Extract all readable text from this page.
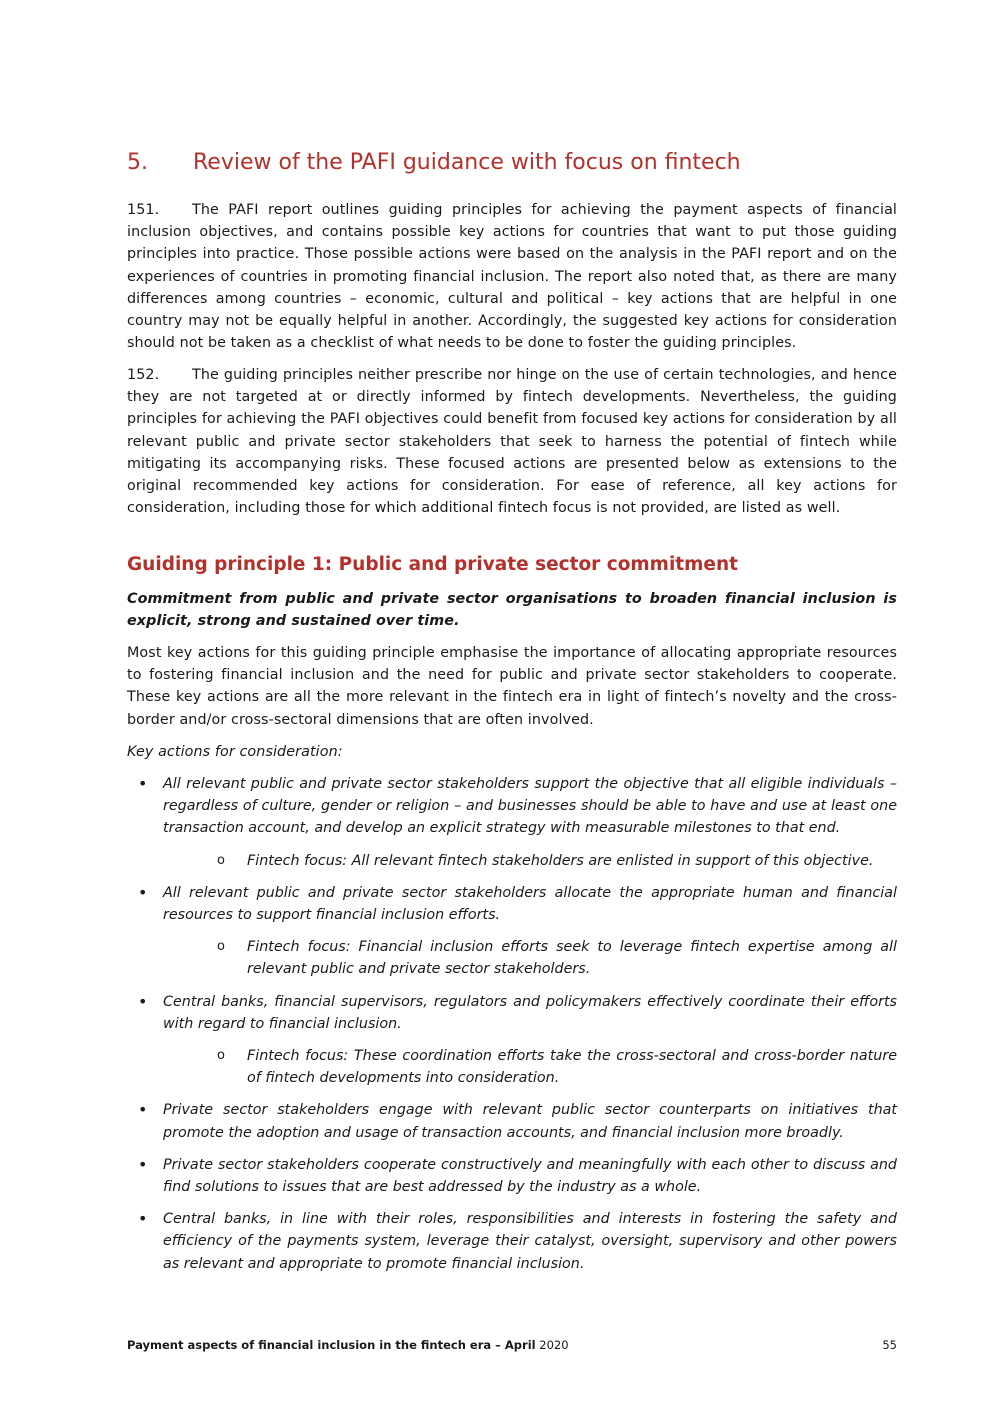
5. Review of the PAFI guidance with focus on fintech
151. The PAFI report outlines guiding principles for achieving the payment aspects of financial inclusion objectives, and contains possible key actions for countries that want to put those guiding principles into practice. Those possible actions were based on the analysis in the PAFI report and on the experiences of countries in promoting financial inclusion. The report also noted that, as there are many differences among countries – economic, cultural and political – key actions that are helpful in one country may not be equally helpful in another. Accordingly, the suggested key actions for consideration should not be taken as a checklist of what needs to be done to foster the guiding principles.
152. The guiding principles neither prescribe nor hinge on the use of certain technologies, and hence they are not targeted at or directly informed by fintech developments. Nevertheless, the guiding principles for achieving the PAFI objectives could benefit from focused key actions for consideration by all relevant public and private sector stakeholders that seek to harness the potential of fintech while mitigating its accompanying risks. These focused actions are presented below as extensions to the original recommended key actions for consideration. For ease of reference, all key actions for consideration, including those for which additional fintech focus is not provided, are listed as well.
Guiding principle 1: Public and private sector commitment
Commitment from public and private sector organisations to broaden financial inclusion is explicit, strong and sustained over time.
Most key actions for this guiding principle emphasise the importance of allocating appropriate resources to fostering financial inclusion and the need for public and private sector stakeholders to cooperate. These key actions are all the more relevant in the fintech era in light of fintech’s novelty and the cross-border and/or cross-sectoral dimensions that are often involved.
Key actions for consideration:
• All relevant public and private sector stakeholders support the objective that all eligible individuals – regardless of culture, gender or religion – and businesses should be able to have and use at least one transaction account, and develop an explicit strategy with measurable milestones to that end.
o Fintech focus: All relevant fintech stakeholders are enlisted in support of this objective.
• All relevant public and private sector stakeholders allocate the appropriate human and financial resources to support financial inclusion efforts.
o Fintech focus: Financial inclusion efforts seek to leverage fintech expertise among all relevant public and private sector stakeholders.
• Central banks, financial supervisors, regulators and policymakers effectively coordinate their efforts with regard to financial inclusion.
o Fintech focus: These coordination efforts take the cross-sectoral and cross-border nature of fintech developments into consideration.
• Private sector stakeholders engage with relevant public sector counterparts on initiatives that promote the adoption and usage of transaction accounts, and financial inclusion more broadly.
• Private sector stakeholders cooperate constructively and meaningfully with each other to discuss and find solutions to issues that are best addressed by the industry as a whole.
• Central banks, in line with their roles, responsibilities and interests in fostering the safety and efficiency of the payments system, leverage their catalyst, oversight, supervisory and other powers as relevant and appropriate to promote financial inclusion.
Payment aspects of financial inclusion in the fintech era – April 2020	55
